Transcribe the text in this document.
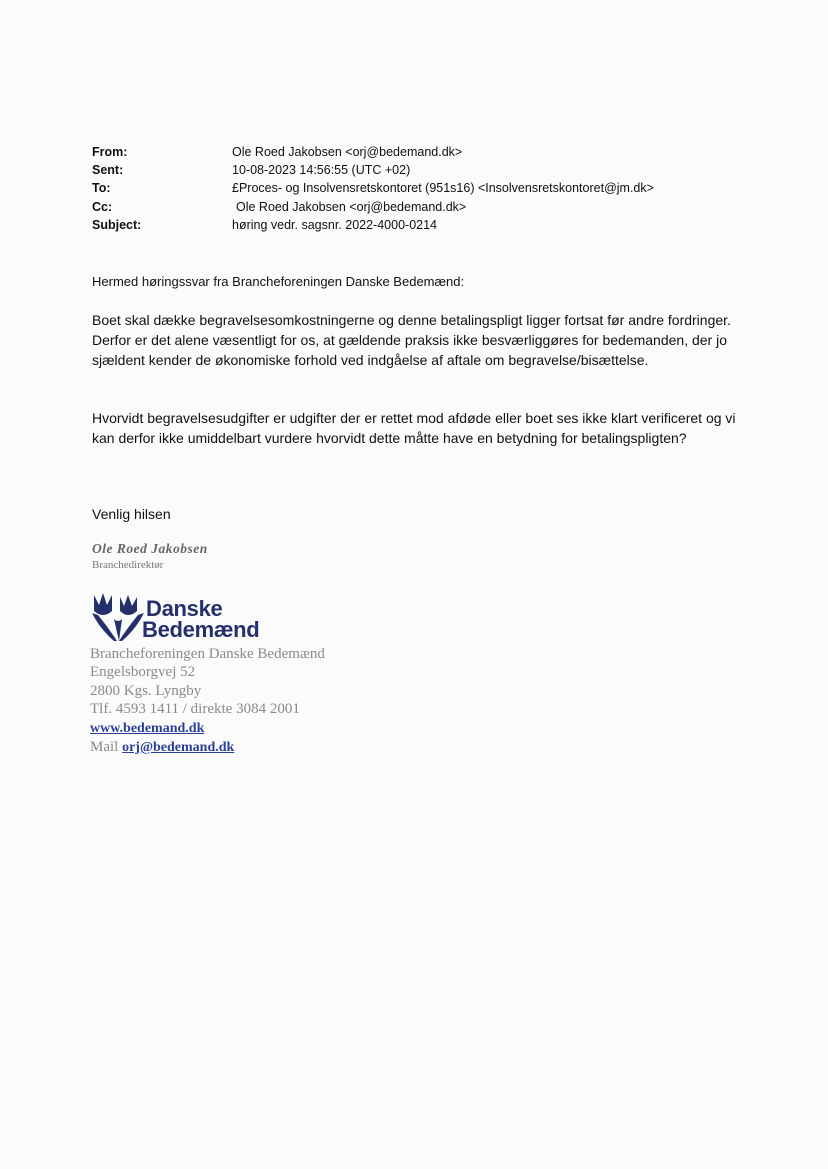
From:	Ole Roed Jakobsen <orj@bedemand.dk>
Sent:	10-08-2023 14:56:55 (UTC +02)
To:	£Proces- og Insolvensretskontoret (951s16) <Insolvensretskontoret@jm.dk>
Cc:	Ole Roed Jakobsen <orj@bedemand.dk>
Subject:	høring vedr. sagsnr. 2022-4000-0214
Hermed høringssvar fra Brancheforeningen Danske Bedemænd:
Boet skal dække begravelsesomkostningerne og denne betalingspligt ligger fortsat før andre fordringer.
Derfor er det alene væsentligt for os, at gældende praksis ikke besværliggøres for bedemanden, der jo sjældent kender de økonomiske forhold ved indgåelse af aftale om begravelse/bisættelse.
Hvorvidt begravelsesudgifter er udgifter der er rettet mod afdøde eller boet ses ikke klart verificeret og vi kan derfor ikke umiddelbart vurdere hvorvidt dette måtte have en betydning for betalingspligten?
Venlig hilsen
Ole Roed Jakobsen
Branchedirektør
Danske
Bedemænd
Brancheforeningen Danske Bedemænd
Engelsborgvej 52
2800 Kgs. Lyngby
Tlf. 4593 1411 / direkte 3084 2001
www.bedemand.dk
Mail orj@bedemand.dk
